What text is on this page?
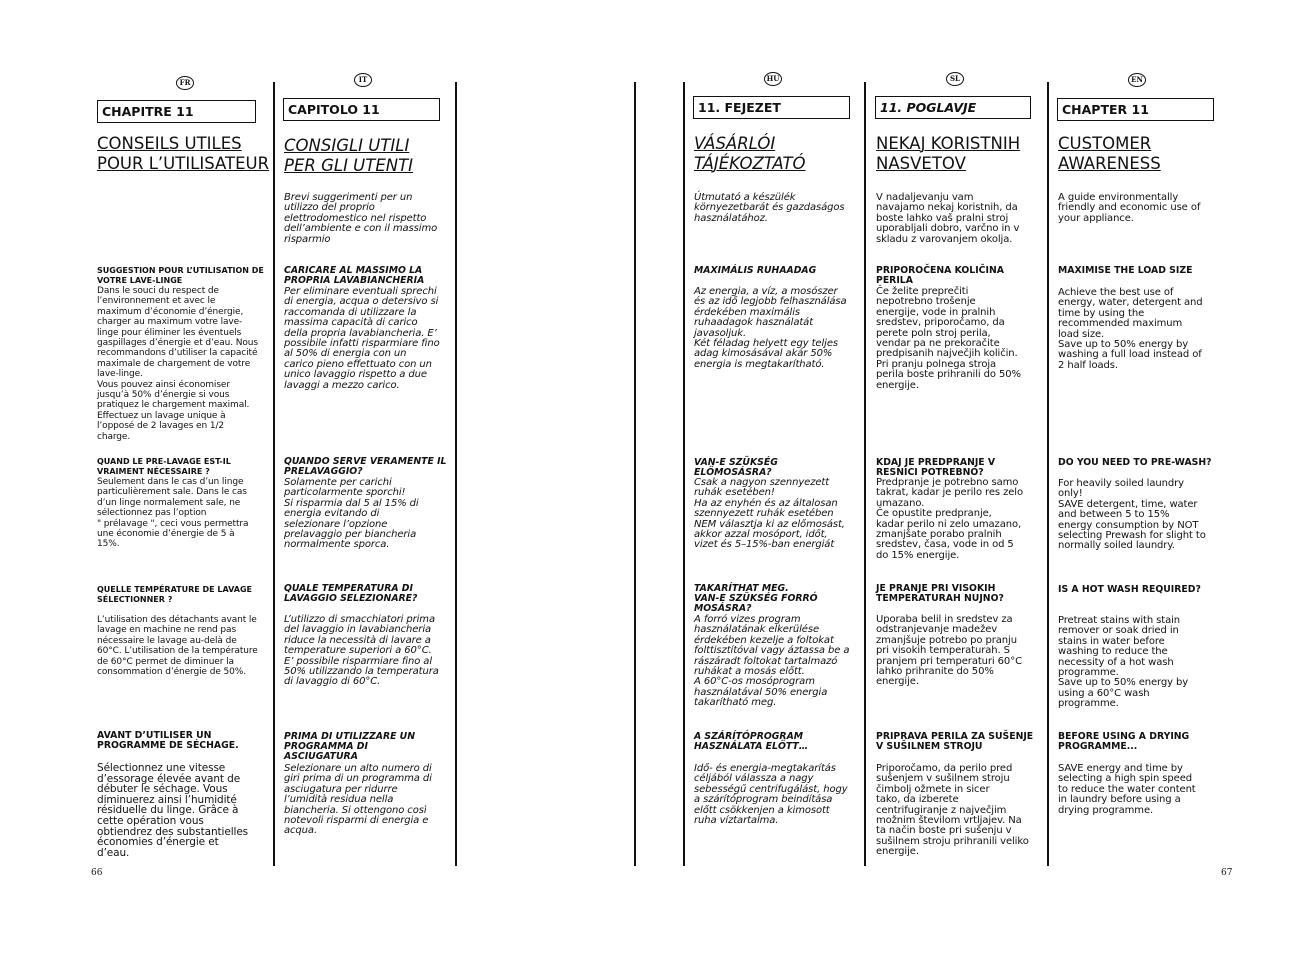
FR
CHAPITRE 11
CONSEILS UTILES
POUR L’UTILISATEUR
SUGGESTION POUR L’UTILISATION DE
VOTRE LAVE-LINGE
Dans le souci du respect de
l’environnement et avec le
maximum d’économie d’énergie,
charger au maximum votre lave-
linge pour éliminer les éventuels
gaspillages d’énergie et d’eau. Nous
recommandons d’utiliser la capacité
maximale de chargement de votre
lave-linge.
Vous pouvez ainsi économiser
jusqu’à 50% d’énergie si vous
pratiquez le chargement maximal.
Effectuez un lavage unique à
l’opposé de 2 lavages en 1/2
charge.
QUAND LE PRE-LAVAGE EST-IL
VRAIMENT NÉCESSAIRE ?
Seulement dans le cas d’un linge
particulièrement sale. Dans le cas
d’un linge normalement sale, ne
sélectionnez pas l’option
" prélavage ", ceci vous permettra
une économie d’énergie de 5 à
15%.
QUELLE TEMPÉRATURE DE LAVAGE
SÉLECTIONNER ?
L’utilisation des détachants avant le
lavage en machine ne rend pas
nécessaire le lavage au-delà de
60°C. L’utilisation de la température
de 60°C permet de diminuer la
consommation d’énergie de 50%.
AVANT D’UTILISER UN
PROGRAMME DE SÉCHAGE.
Sélectionnez une vitesse
d’essorage élevée avant de
débuter le séchage. Vous
diminuerez ainsi l’humidité
résiduelle du linge. Grâce à
cette opération vous
obtiendrez des substantielles
économies d’énergie et
d’eau.
66
IT
CAPITOLO 11
CONSIGLI UTILI
PER GLI UTENTI
Brevi suggerimenti per un
utilizzo del proprio
elettrodomestico nel rispetto
dell’ambiente e con il massimo
risparmio
CARICARE AL MASSIMO LA
PROPRIA LAVABIANCHERIA
Per eliminare eventuali sprechi
di energia, acqua o detersivo si
raccomanda di utilizzare la
massima capacità di carico
della propria lavabiancheria. E’
possibile infatti risparmiare fino
al 50% di energia con un
carico pieno effettuato con un
unico lavaggio rispetto a due
lavaggi a mezzo carico.
QUANDO SERVE VERAMENTE IL
PRELAVAGGIO?
Solamente per carichi
particolarmente sporchi!
Si risparmia dal 5 al 15% di
energia evitando di
selezionare l’opzione
prelavaggio per biancheria
normalmente sporca.
QUALE TEMPERATURA DI
LAVAGGIO SELEZIONARE?
L’utilizzo di smacchiatori prima
del lavaggio in lavabiancheria
riduce la necessità di lavare a
temperature superiori a 60°C.
E’ possibile risparmiare fino al
50% utilizzando la temperatura
di lavaggio di 60°C.
PRIMA DI UTILIZZARE UN
PROGRAMMA DI
ASCIUGATURA
Selezionare un alto numero di
giri prima di un programma di
asciugatura per ridurre
l’umidità residua nella
biancheria. Si ottengono così
notevoli risparmi di energia e
acqua.
HU
11. FEJEZET
VÁSÁRLÓI
TÁJÉKOZTATÓ
Útmutató a készülék
környezetbarát és gazdaságos
használatához.
MAXIMÁLIS RUHAADAG
Az energia, a víz, a mosószer
és az idő legjobb felhasználása
érdekében maximális
ruhaadagok használatát
javasoljuk.
Két féladag helyett egy teljes
adag kimosásával akár 50%
energia is megtakarítható.
VAN-E SZÜKSÉG
ELŐMOSÁSRA?
Csak a nagyon szennyezett
ruhák esetében!
Ha az enyhén és az általosan
szennyezett ruhák esetében
NEM választja ki az előmosást,
akkor azzal mosóport, időt,
vizet és 5–15%-ban energiát
TAKARÍTHAT MEG.
VAN-E SZÜKSÉG FORRÓ
MOSÁSRA?
A forró vizes program
használatának elkerülése
érdekében kezelje a foltokat
folttisztítóval vagy áztassa be a
rászáradt foltokat tartalmazó
ruhákat a mosás előtt.
A 60°C-os mosóprogram
használatával 50% energia
takarítható meg.
A SZÁRÍTÓPROGRAM
HASZNÁLATA ELŐTT…
Idő- és energia-megtakarítás
céljából válassza a nagy
sebességű centrifugálást, hogy
a szárítóprogram beindítása
előtt csökkenjen a kimosott
ruha víztartalma.
SL
11. POGLAVJE
NEKAJ KORISTNIH
NASVETOV
V nadaljevanju vam
navajamo nekaj koristnih, da
boste lahko vaš pralni stroj
uporabljali dobro, varčno in v
skladu z varovanjem okolja.
PRIPOROČENA KOLIČINA
PERILA
Če želite preprečiti
nepotrebno trošenje
energije, vode in pralnih
sredstev, priporočamo, da
perete poln stroj perila,
vendar pa ne prekoračite
predpisanih največjih količin.
Pri pranju polnega stroja
perila boste prihranili do 50%
energije.
KDAJ JE PREDPRANJE V
RESNICI POTREBNO?
Predpranje je potrebno samo
takrat, kadar je perilo res zelo
umazano.
Če opustite predpranje,
kadar perilo ni zelo umazano,
zmanjšate porabo pralnih
sredstev, časa, vode in od 5
do 15% energije.
JE PRANJE PRI VISOKIH
TEMPERATURAH NUJNO?
Uporaba belil in sredstev za
odstranjevanje madežev
zmanjšuje potrebo po pranju
pri visokih temperaturah. S
pranjem pri temperaturi 60°C
lahko prihranite do 50%
energije.
PRIPRAVA PERILA ZA SUŠENJE
V SUŠILNEM STROJU
Priporočamo, da perilo pred
sušenjem v sušilnem stroju
čimbolj ožmete in sicer
tako, da izberete
centrifugiranje z največjim
možnim številom vrtljajev. Na
ta način boste pri sušenju v
sušilnem stroju prihranili veliko
energije.
EN
CHAPTER 11
CUSTOMER
AWARENESS
A guide environmentally
friendly and economic use of
your appliance.
MAXIMISE THE LOAD SIZE
Achieve the best use of
energy, water, detergent and
time by using the
recommended maximum
load size.
Save up to 50% energy by
washing a full load instead of
2 half loads.
DO YOU NEED TO PRE-WASH?
For heavily soiled laundry
only!
SAVE detergent, time, water
and between 5 to 15%
energy consumption by NOT
selecting Prewash for slight to
normally soiled laundry.
IS A HOT WASH REQUIRED?
Pretreat stains with stain
remover or soak dried in
stains in water before
washing to reduce the
necessity of a hot wash
programme.
Save up to 50% energy by
using a 60°C wash
programme.
BEFORE USING A DRYING
PROGRAMME...
SAVE energy and time by
selecting a high spin speed
to reduce the water content
in laundry before using a
drying programme.
67
